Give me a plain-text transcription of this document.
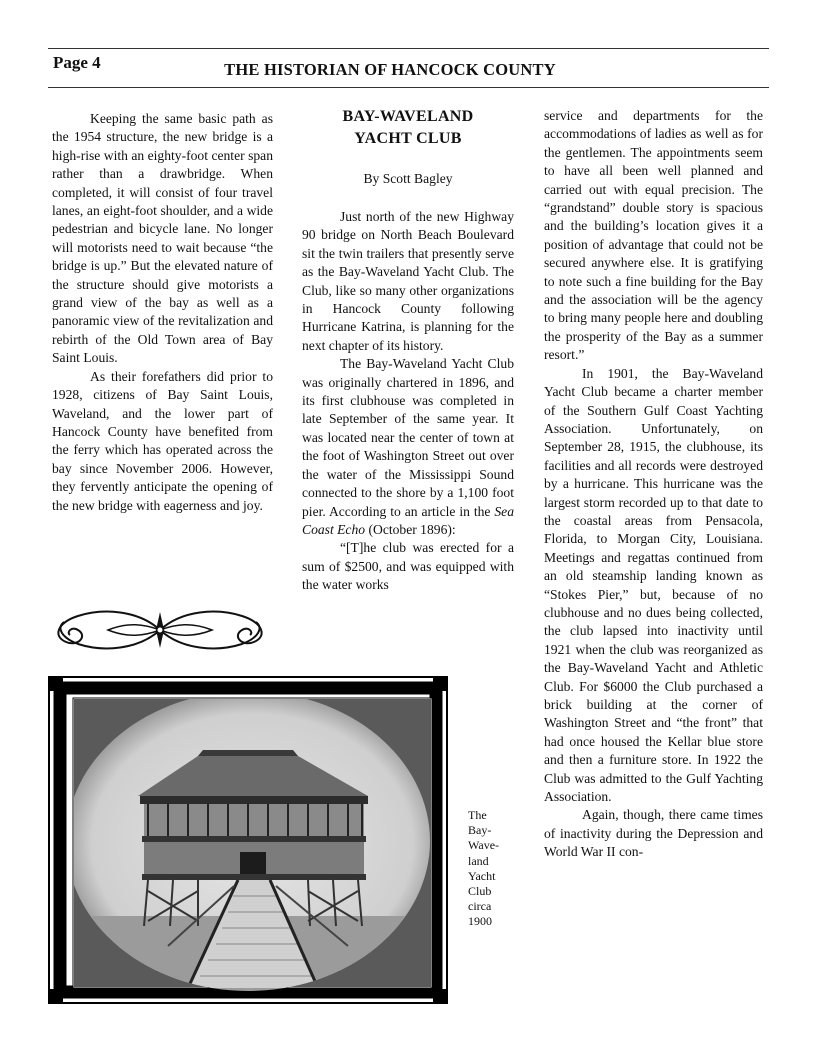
Page 4	THE HISTORIAN OF HANCOCK COUNTY

Keeping the same basic path as the 1954 structure, the new bridge is a high-rise with an eighty-foot center span rather than a drawbridge. When completed, it will consist of four travel lanes, an eight-foot shoulder, and a wide pedestrian and bicycle lane. No longer will motorists need to wait because “the bridge is up.” But the elevated nature of the structure should give motorists a grand view of the bay as well as a panoramic view of the revitalization and rebirth of the Old Town area of Bay Saint Louis.

As their forefathers did prior to 1928, citizens of Bay Saint Louis, Waveland, and the lower part of Hancock County have benefited from the ferry which has operated across the bay since November 2006. However, they fervently anticipate the opening of the new bridge with eagerness and joy.

BAY-WAVELAND
YACHT CLUB
By Scott Bagley

Just north of the new Highway 90 bridge on North Beach Boulevard sit the twin trailers that presently serve as the Bay-Waveland Yacht Club. The Club, like so many other organizations in Hancock County following Hurricane Katrina, is planning for the next chapter of its history.

The Bay-Waveland Yacht Club was originally chartered in 1896, and its first clubhouse was completed in late September of the same year. It was located near the center of town at the foot of Washington Street out over the water of the Mississippi Sound connected to the shore by a 1,100 foot pier. According to an article in the Sea Coast Echo (October 1896):

“[T]he club was erected for a sum of $2500, and was equipped with the water works

service and departments for the accommodations of ladies as well as for the gentlemen. The appointments seem to have all been well planned and carried out with equal precision. The “grandstand” double story is spacious and the building’s location gives it a position of advantage that could not be secured anywhere else. It is gratifying to note such a fine building for the Bay and the association will be the agency to bring many people here and doubling the prosperity of the Bay as a summer resort.”

In 1901, the Bay-Waveland Yacht Club became a charter member of the Southern Gulf Coast Yachting Association. Unfortunately, on September 28, 1915, the clubhouse, its facilities and all records were destroyed by a hurricane. This hurricane was the largest storm recorded up to that date to the coastal areas from Pensacola, Florida, to Morgan City, Louisiana. Meetings and regattas continued from an old steamship landing known as “Stokes Pier,” but, because of no clubhouse and no dues being collected, the club lapsed into inactivity until 1921 when the club was reorganized as the Bay-Waveland Yacht and Athletic Club. For $6000 the Club purchased a brick building at the corner of Washington Street and “the front” that had once housed the Kellar blue store and then a furniture store. In 1922 the Club was admitted to the Gulf Yachting Association.

Again, though, there came times of inactivity during the Depression and World War II con-

The
Bay-
Wave-
land
Yacht
Club
circa
1900
